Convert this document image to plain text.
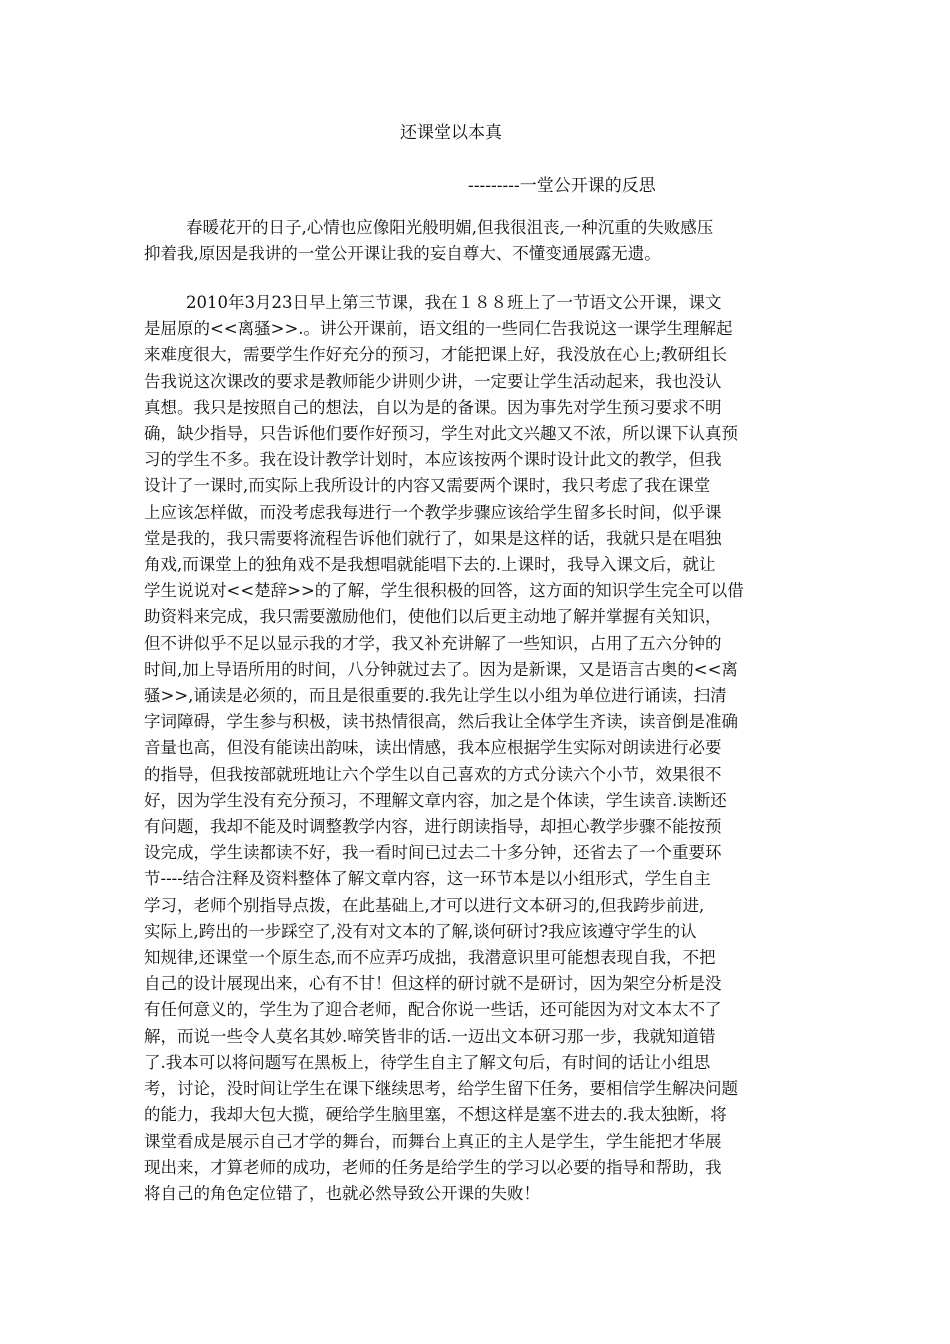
还课堂以本真
---------一堂公开课的反思
春暖花开的日子,心情也应像阳光般明媚,但我很沮丧,一种沉重的失败感压
抑着我,原因是我讲的一堂公开课让我的妄自尊大、不懂变通展露无遗。
2010年3月23日早上第三节课，我在１８８班上了一节语文公开课，课文
是屈原的<<离骚>>.。讲公开课前，语文组的一些同仁告我说这一课学生理解起
来难度很大，需要学生作好充分的预习，才能把课上好，我没放在心上;教研组长
告我说这次课改的要求是教师能少讲则少讲，一定要让学生活动起来，我也没认
真想。我只是按照自己的想法，自以为是的备课。因为事先对学生预习要求不明
确，缺少指导，只告诉他们要作好预习，学生对此文兴趣又不浓，所以课下认真预
习的学生不多。我在设计教学计划时，本应该按两个课时设计此文的教学，但我
设计了一课时,而实际上我所设计的内容又需要两个课时，我只考虑了我在课堂
上应该怎样做，而没考虑我每进行一个教学步骤应该给学生留多长时间，似乎课
堂是我的，我只需要将流程告诉他们就行了，如果是这样的话，我就只是在唱独
角戏,而课堂上的独角戏不是我想唱就能唱下去的.上课时，我导入课文后，就让
学生说说对<<楚辞>>的了解，学生很积极的回答，这方面的知识学生完全可以借
助资料来完成，我只需要激励他们，使他们以后更主动地了解并掌握有关知识，
但不讲似乎不足以显示我的才学，我又补充讲解了一些知识，占用了五六分钟的
时间,加上导语所用的时间，八分钟就过去了。因为是新课，又是语言古奥的<<离
骚>>,诵读是必须的，而且是很重要的.我先让学生以小组为单位进行诵读，扫清
字词障碍，学生参与积极，读书热情很高，然后我让全体学生齐读，读音倒是准确
音量也高，但没有能读出韵味，读出情感，我本应根据学生实际对朗读进行必要
的指导，但我按部就班地让六个学生以自己喜欢的方式分读六个小节，效果很不
好，因为学生没有充分预习，不理解文章内容，加之是个体读，学生读音.读断还
有问题，我却不能及时调整教学内容，进行朗读指导，却担心教学步骤不能按预
设完成，学生读都读不好，我一看时间已过去二十多分钟，还省去了一个重要环
节----结合注释及资料整体了解文章内容，这一环节本是以小组形式，学生自主
学习，老师个别指导点拨，在此基础上,才可以进行文本研习的,但我跨步前进,
实际上,跨出的一步踩空了,没有对文本的了解,谈何研讨?我应该遵守学生的认
知规律,还课堂一个原生态,而不应弄巧成拙，我潜意识里可能想表现自我，不把
自己的设计展现出来，心有不甘！但这样的研讨就不是研讨，因为架空分析是没
有任何意义的，学生为了迎合老师，配合你说一些话，还可能因为对文本太不了
解，而说一些令人莫名其妙.啼笑皆非的话.一迈出文本研习那一步，我就知道错
了.我本可以将问题写在黑板上，待学生自主了解文句后，有时间的话让小组思
考，讨论，没时间让学生在课下继续思考，给学生留下任务，要相信学生解决问题
的能力，我却大包大揽，硬给学生脑里塞，不想这样是塞不进去的.我太独断，将
课堂看成是展示自己才学的舞台，而舞台上真正的主人是学生，学生能把才华展
现出来，才算老师的成功，老师的任务是给学生的学习以必要的指导和帮助，我
将自己的角色定位错了，也就必然导致公开课的失败！
